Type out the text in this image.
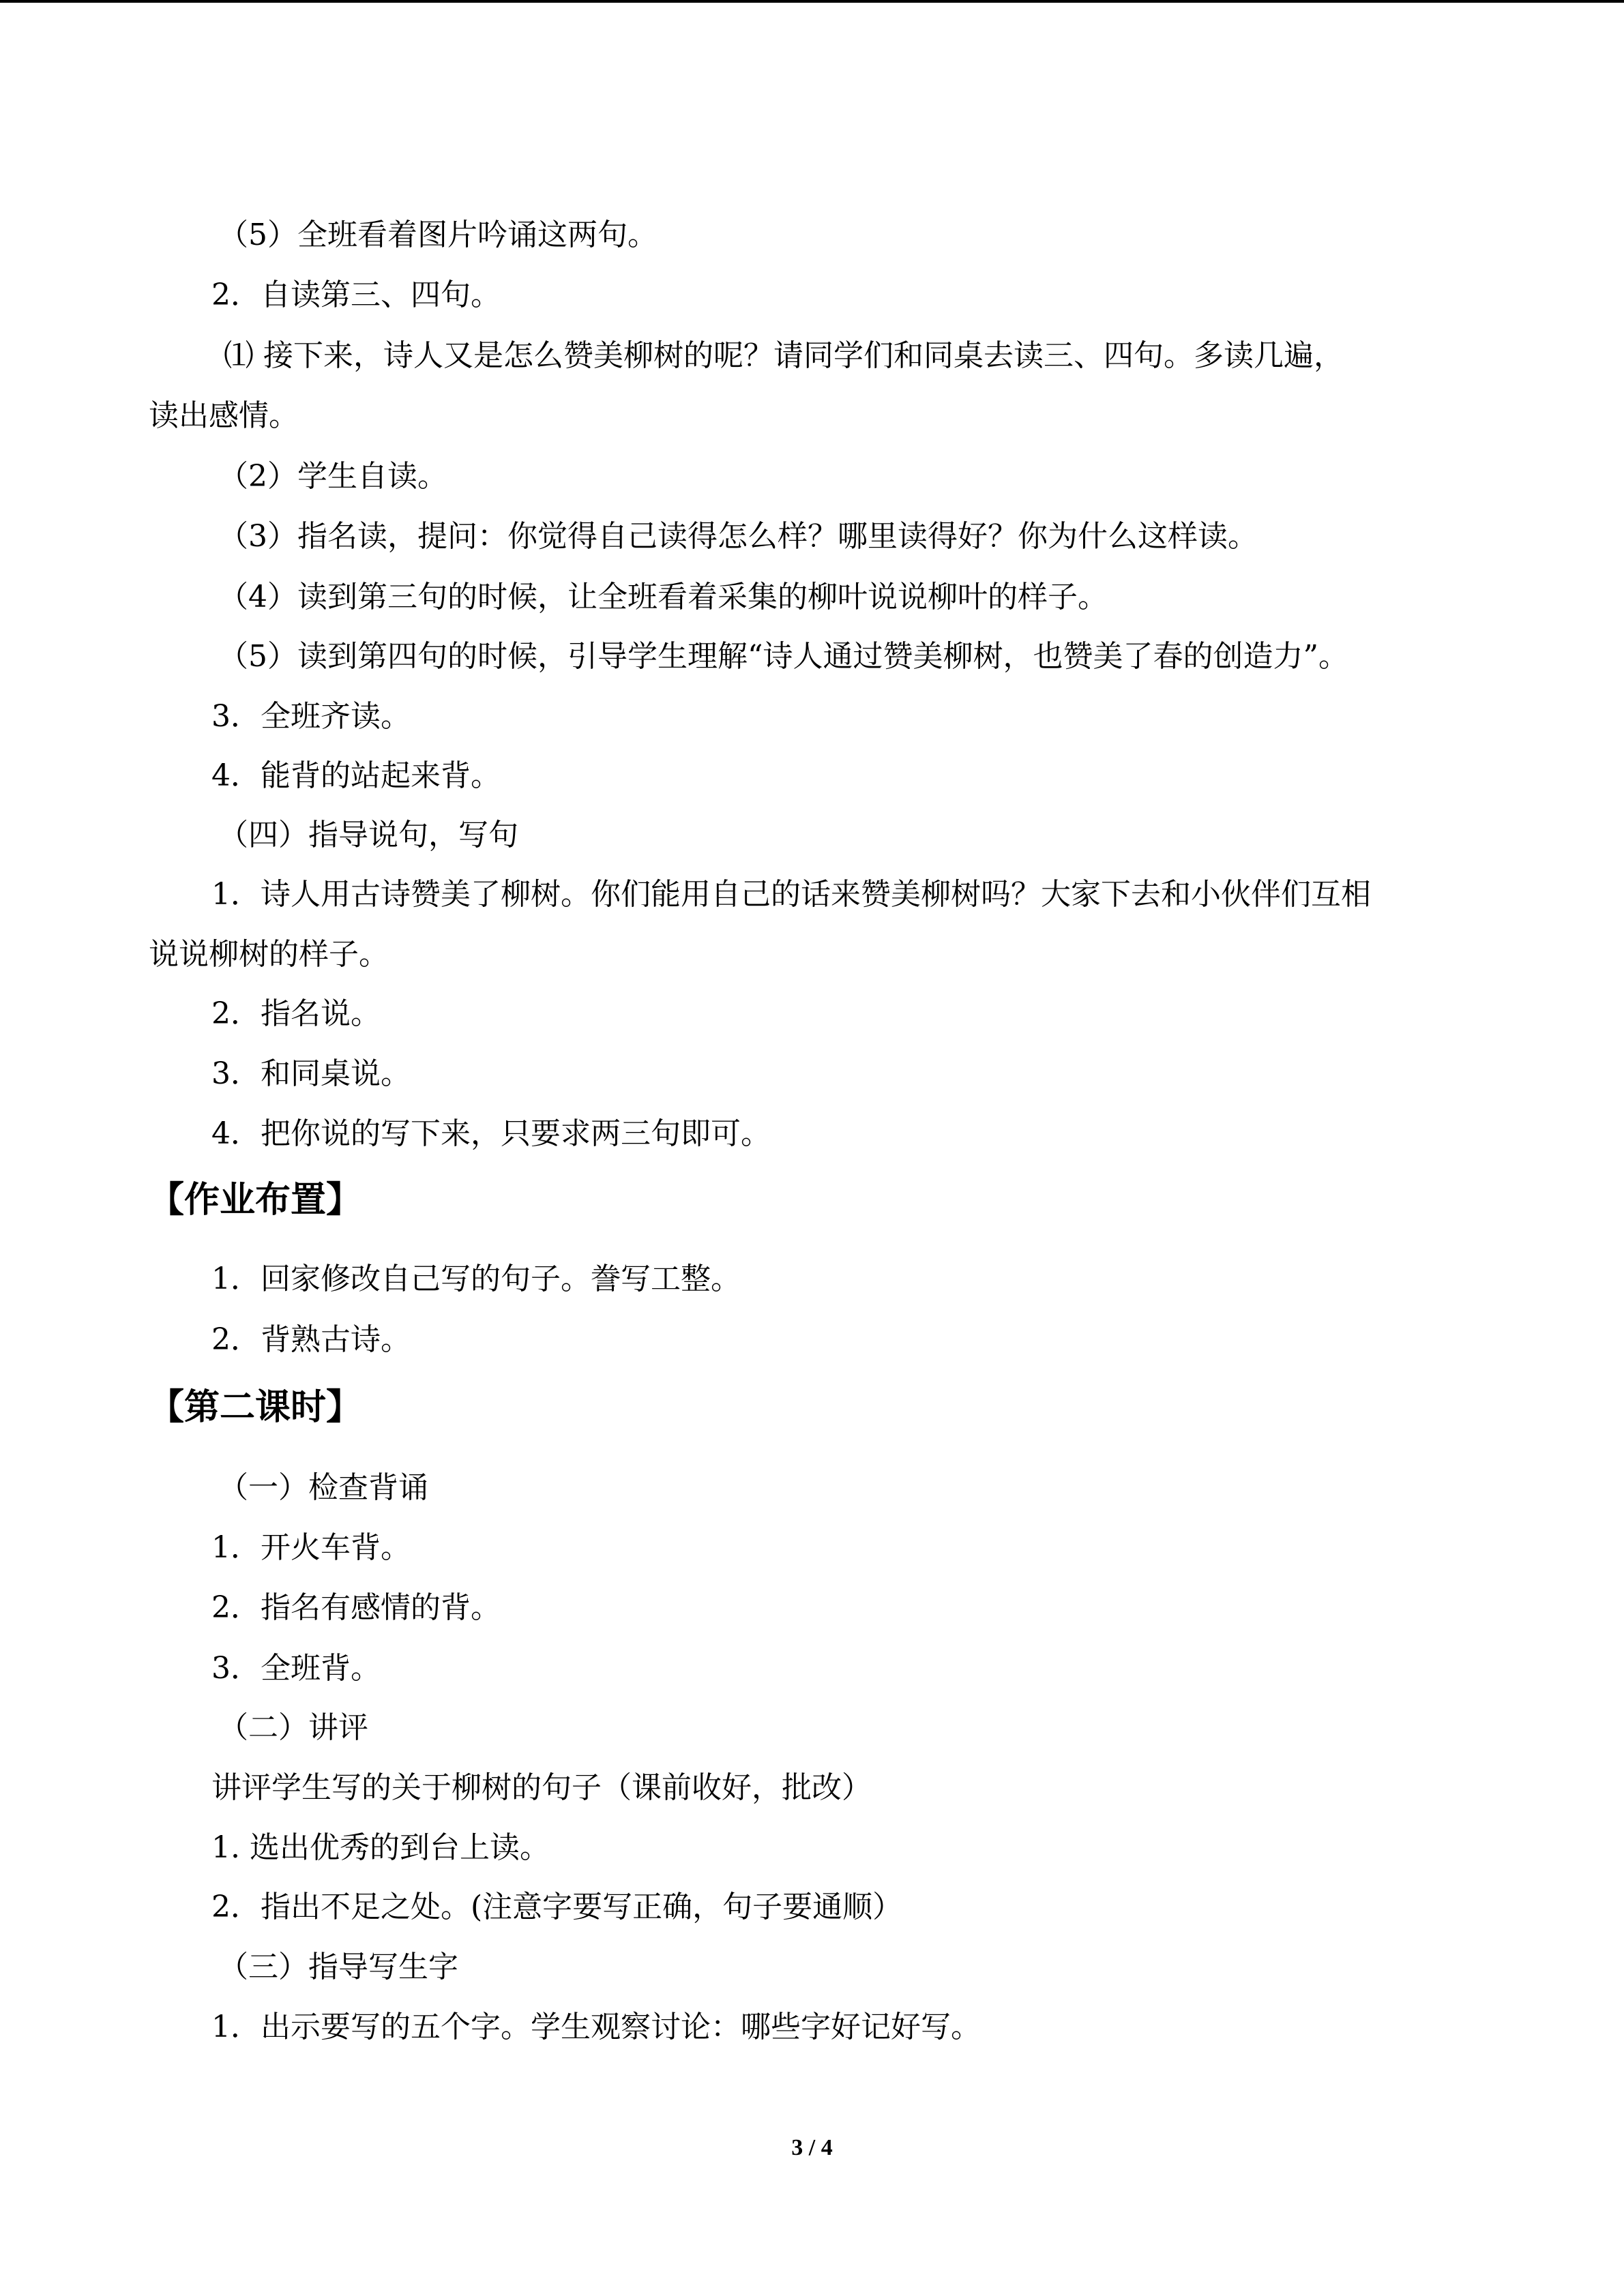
（5）全班看着图片吟诵这两句。
2．自读第三、四句。
⑴ 接下来，诗人又是怎么赞美柳树的呢？请同学们和同桌去读三、四句。多读几遍，
读出感情。
（2）学生自读。
（3）指名读，提问：你觉得自己读得怎么样？哪里读得好？你为什么这样读。
（4）读到第三句的时候，让全班看着采集的柳叶说说柳叶的样子。
（5）读到第四句的时候，引导学生理解“诗人通过赞美柳树，也赞美了春的创造力”。
3．全班齐读。
4．能背的站起来背。
（四）指导说句，写句
1．诗人用古诗赞美了柳树。你们能用自己的话来赞美柳树吗？大家下去和小伙伴们互相
说说柳树的样子。
2．指名说。
3．和同桌说。
4．把你说的写下来，只要求两三句即可。
【作业布置】
1．回家修改自己写的句子。誊写工整。
2．背熟古诗。
【第二课时】
（一）检查背诵
1．开火车背。
2．指名有感情的背。
3．全班背。
（二）讲评
讲评学生写的关于柳树的句子（课前收好，批改）
1. 选出优秀的到台上读。
2．指出不足之处。(注意字要写正确，句子要通顺）
（三）指导写生字
1．出示要写的五个字。学生观察讨论：哪些字好记好写。
3 / 4
